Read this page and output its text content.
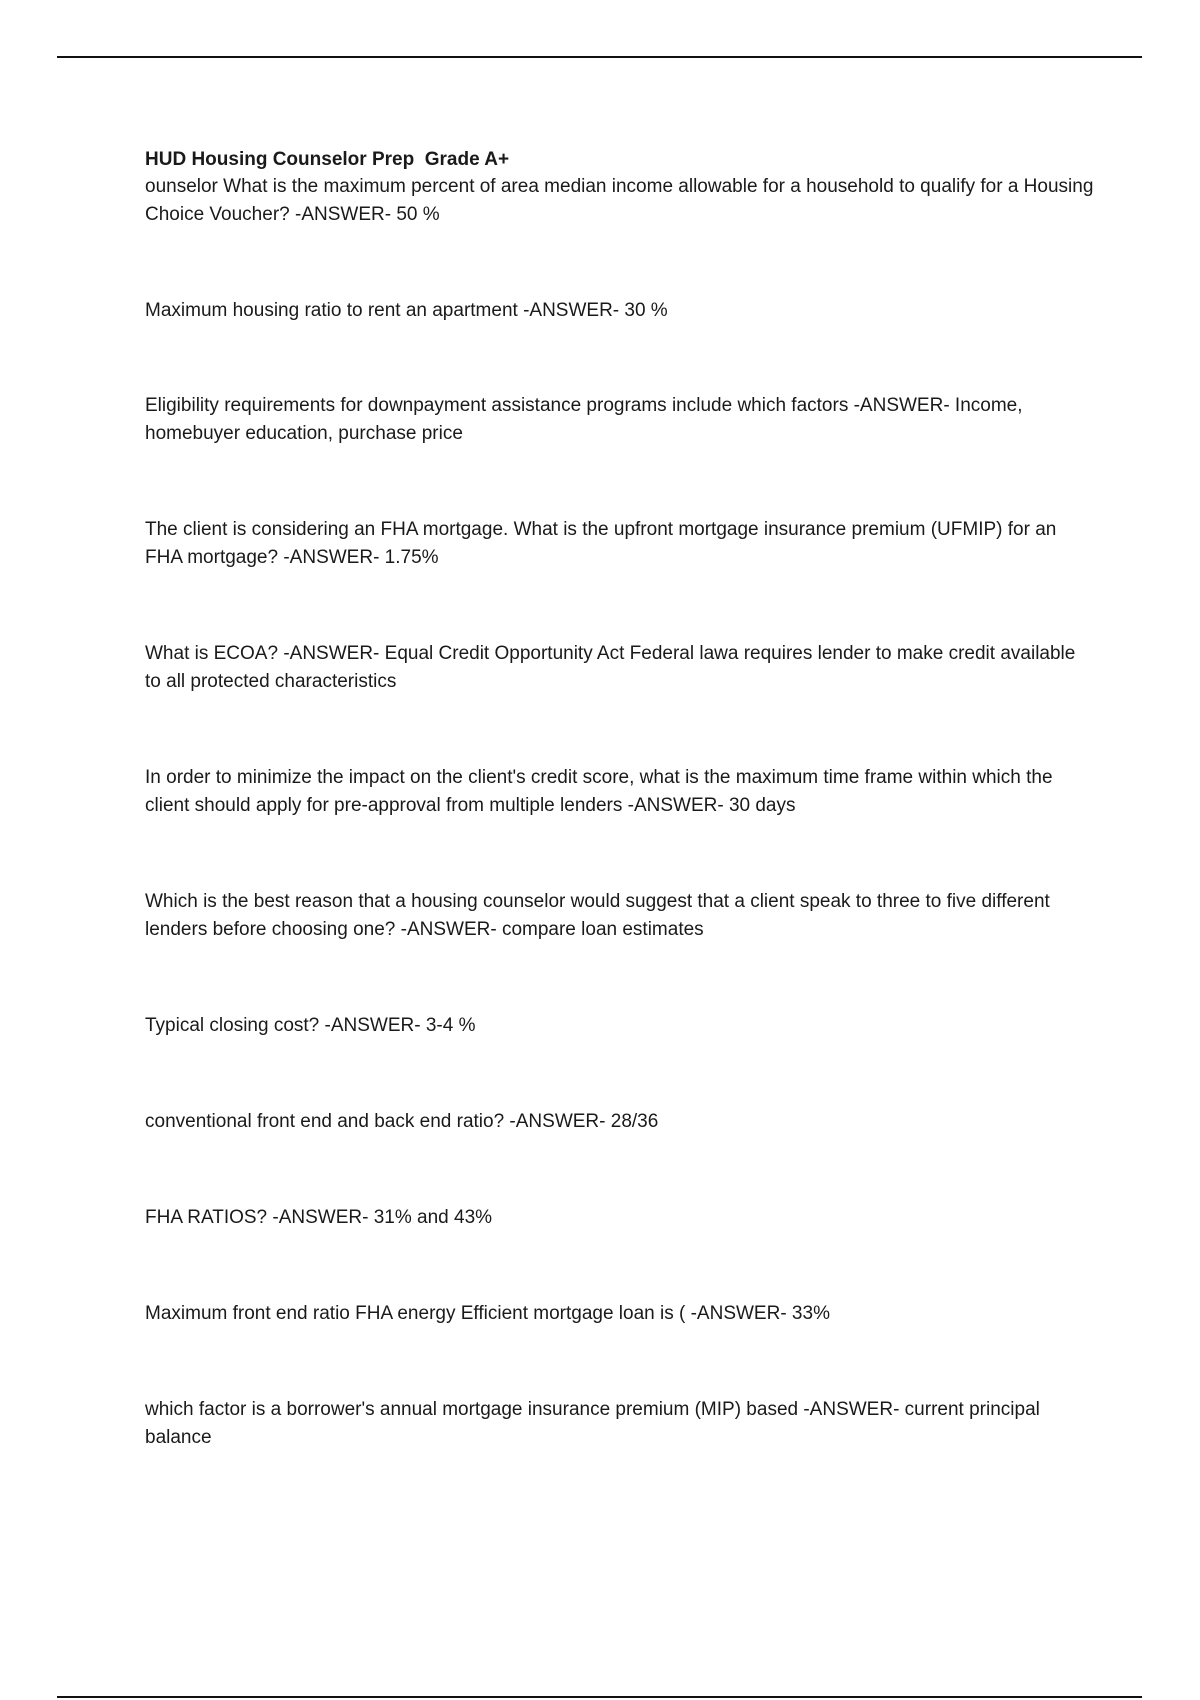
HUD Housing Counselor Prep  Grade A+

ounselor What is the maximum percent of area median income allowable for a household to qualify for a Housing Choice Voucher? -ANSWER- 50 %

Maximum housing ratio to rent an apartment -ANSWER- 30 %

Eligibility requirements for downpayment assistance programs include which factors -ANSWER- Income, homebuyer education, purchase price

The client is considering an FHA mortgage. What is the upfront mortgage insurance premium (UFMIP) for an FHA mortgage? -ANSWER- 1.75%

What is ECOA? -ANSWER- Equal Credit Opportunity Act Federal lawa requires lender to make credit available to all protected characteristics

In order to minimize the impact on the client's credit score, what is the maximum time frame within which the client should apply for pre-approval from multiple lenders -ANSWER- 30 days

Which is the best reason that a housing counselor would suggest that a client speak to three to five different lenders before choosing one? -ANSWER- compare loan estimates

Typical closing cost? -ANSWER- 3-4 %

conventional front end and back end ratio? -ANSWER- 28/36

FHA RATIOS? -ANSWER- 31% and 43%

Maximum front end ratio FHA energy Efficient mortgage loan is ( -ANSWER- 33%

which factor is a borrower's annual mortgage insurance premium (MIP) based -ANSWER- current principal balance
